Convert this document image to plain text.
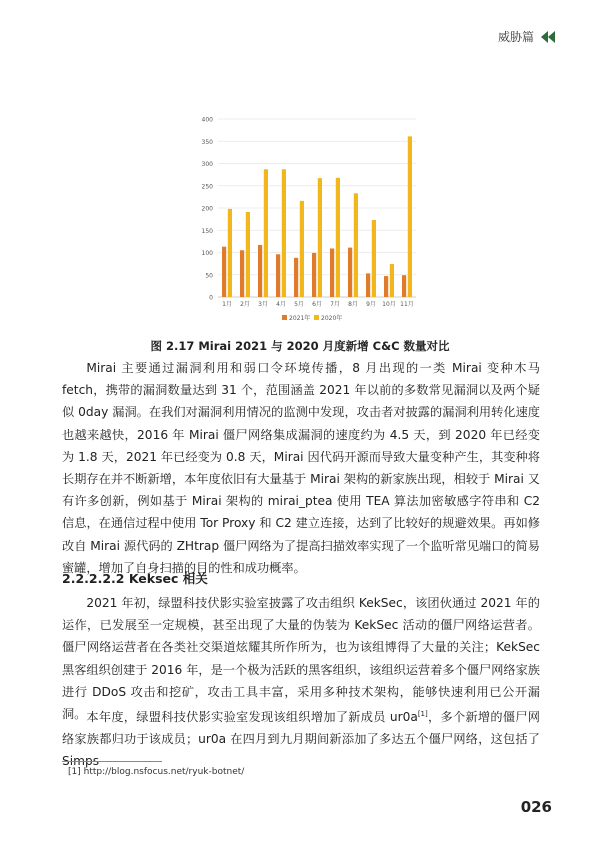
威胁篇
0
50
100
150
200
250
300
350
400
1月 2月 3月 4月 5月 6月 7月 8月 9月 10月 11月
2021年 2020年
图 2.17 Mirai 2021 与 2020 月度新增 C&C 数量对比

Mirai 主要通过漏洞利用和弱口令环境传播，8 月出现的一类 Mirai 变种木马 fetch，携带的漏洞数量达到 31 个，范围涵盖 2021 年以前的多数常见漏洞以及两个疑似 0day 漏洞。在我们对漏洞利用情况的监测中发现，攻击者对披露的漏洞利用转化速度也越来越快，2016 年 Mirai 僵尸网络集成漏洞的速度约为 4.5 天，到 2020 年已经变为 1.8 天，2021 年已经变为 0.8 天，Mirai 因代码开源而导致大量变种产生，其变种将长期存在并不断新增，本年度依旧有大量基于 Mirai 架构的新家族出现，相较于 Mirai 又有许多创新，例如基于 Mirai 架构的 mirai_ptea 使用 TEA 算法加密敏感字符串和 C2 信息，在通信过程中使用 Tor Proxy 和 C2 建立连接，达到了比较好的规避效果。再如修改自 Mirai 源代码的 ZHtrap 僵尸网络为了提高扫描效率实现了一个监听常见端口的简易蜜罐，增加了自身扫描的目的性和成功概率。

2.2.2.2.2 Keksec 相关

2021 年初，绿盟科技伏影实验室披露了攻击组织 KekSec，该团伙通过 2021 年的运作，已发展至一定规模，甚至出现了大量的伪装为 KekSec 活动的僵尸网络运营者。僵尸网络运营者在各类社交渠道炫耀其所作所为，也为该组博得了大量的关注；KekSec 黑客组织创建于 2016 年，是一个极为活跃的黑客组织，该组织运营着多个僵尸网络家族进行 DDoS 攻击和挖矿，攻击工具丰富，采用多种技术架构，能够快速利用已公开漏洞。 本年度，绿盟科技伏影实验室发现该组织增加了新成员 ur0a[1]，多个新增的僵尸网络家族都归功于该成员；ur0a 在四月到九月期间新添加了多达五个僵尸网络，这包括了 Simps

[1] http://blog.nsfocus.net/ryuk-botnet/
026
